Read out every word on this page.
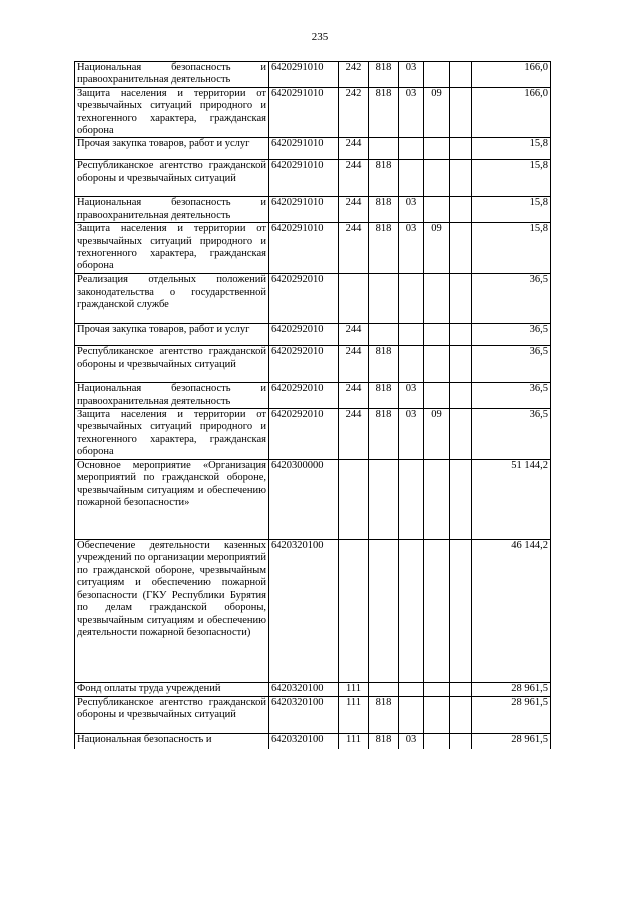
235
Национальная безопасность и правоохранительная деятельность	6420291010	242	818	03			166,0
Защита населения и территории от чрезвычайных ситуаций природного и техногенного характера, гражданская оборона	6420291010	242	818	03	09		166,0
Прочая закупка товаров, работ и услуг	6420291010	244					15,8
Республиканское агентство гражданской обороны и чрезвычайных ситуаций	6420291010	244	818				15,8
Национальная безопасность и правоохранительная деятельность	6420291010	244	818	03			15,8
Защита населения и территории от чрезвычайных ситуаций природного и техногенного характера, гражданская оборона	6420291010	244	818	03	09		15,8
Реализация отдельных положений законодательства о государственной гражданской службе	6420292010						36,5
Прочая закупка товаров, работ и услуг	6420292010	244					36,5
Республиканское агентство гражданской обороны и чрезвычайных ситуаций	6420292010	244	818				36,5
Национальная безопасность и правоохранительная деятельность	6420292010	244	818	03			36,5
Защита населения и территории от чрезвычайных ситуаций природного и техногенного характера, гражданская оборона	6420292010	244	818	03	09		36,5
Основное мероприятие «Организация мероприятий по гражданской обороне, чрезвычайным ситуациям и обеспечению пожарной безопасности»	6420300000						51 144,2
Обеспечение деятельности казенных учреждений по организации мероприятий по гражданской обороне, чрезвычайным ситуациям и обеспечению пожарной безопасности (ГКУ Республики Бурятия по делам гражданской обороны, чрезвычайным ситуациям и обеспечению деятельности пожарной безопасности)	6420320100						46 144,2
Фонд оплаты труда учреждений	6420320100	111					28 961,5
Республиканское агентство гражданской обороны и чрезвычайных ситуаций	6420320100	111	818				28 961,5
Национальная безопасность и	6420320100	111	818	03			28 961,5
